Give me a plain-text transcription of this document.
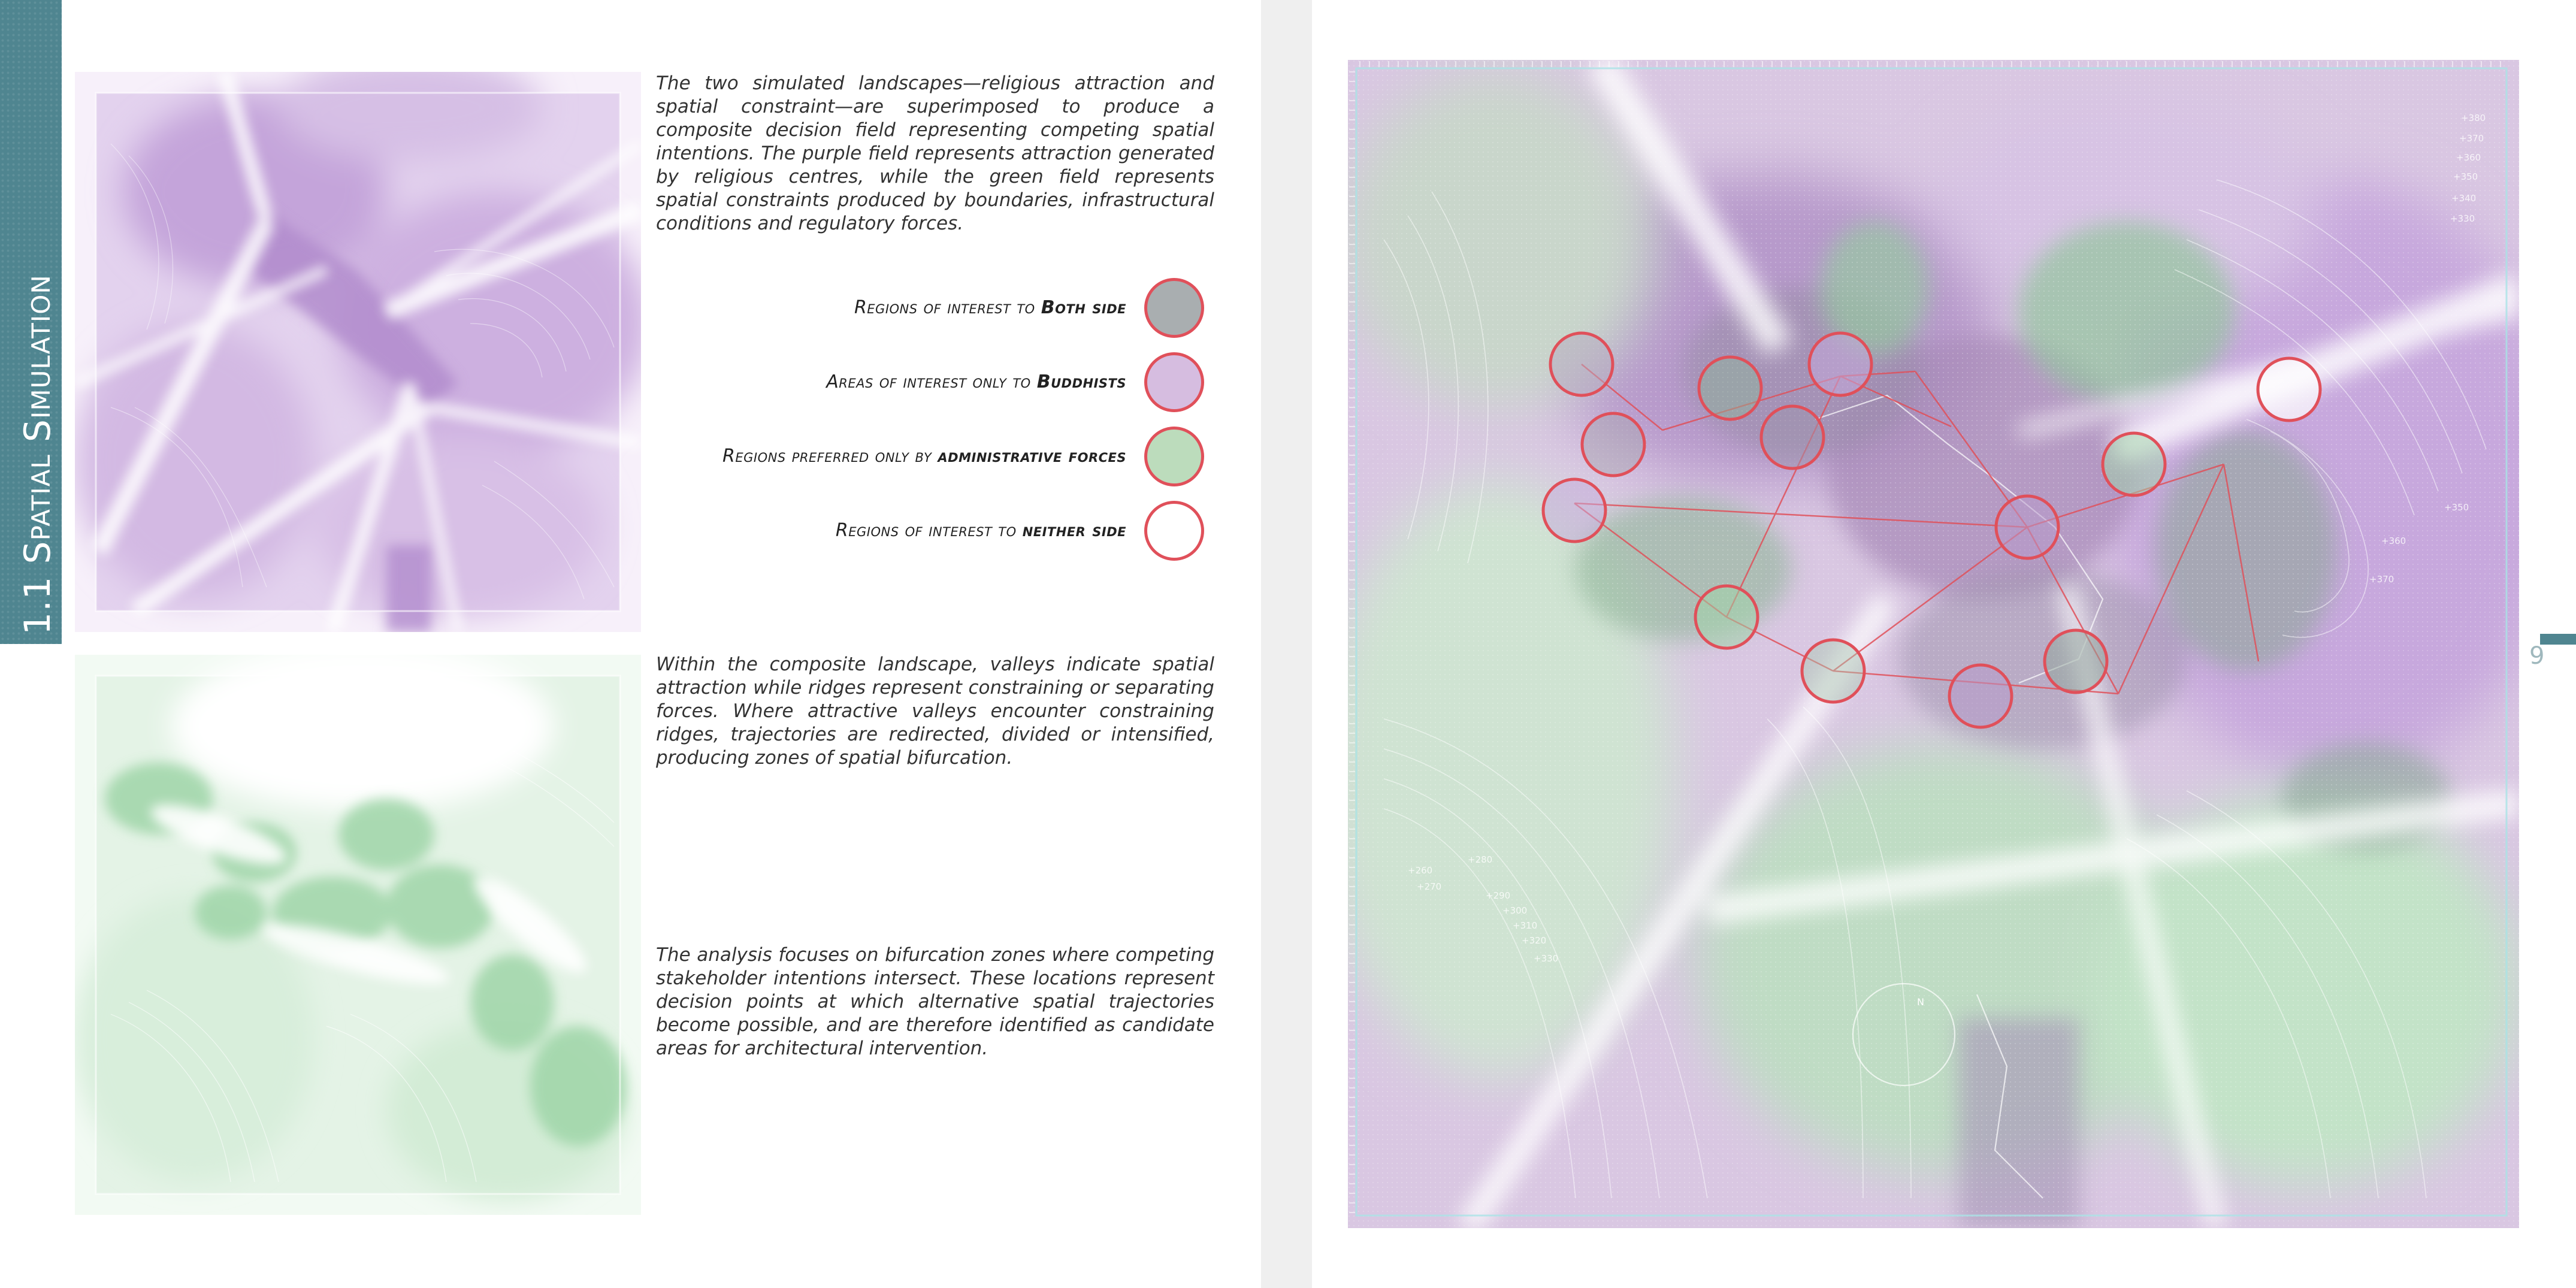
1.1 Spatial Simulation

The two simulated landscapes—religious attraction and spatial constraint—are superimposed to produce a composite decision field representing competing spatial intentions. The purple field represents attraction generated by religious centres, while the green field represents spatial constraints produced by boundaries, infrastructural conditions and regulatory forces.

Regions of interest to Both side
Areas of interest only to Buddhists
Regions preferred only by administrative forces
Regions of interest to neither side

Within the composite landscape, valleys indicate spatial attraction while ridges represent constraining or separating forces. Where attractive valleys encounter constraining ridges, trajectories are redirected, divided or intensified, producing zones of spatial bifurcation.

The analysis focuses on bifurcation zones where competing stakeholder intentions intersect. These locations represent decision points at which alternative spatial trajectories become possible, and are therefore identified as candidate areas for architectural intervention.

N
+380
+370
+360
+350
+340
+330
+370
+360
+350
+260
+270
+280
+290
+300
+310
+320
+330
9
